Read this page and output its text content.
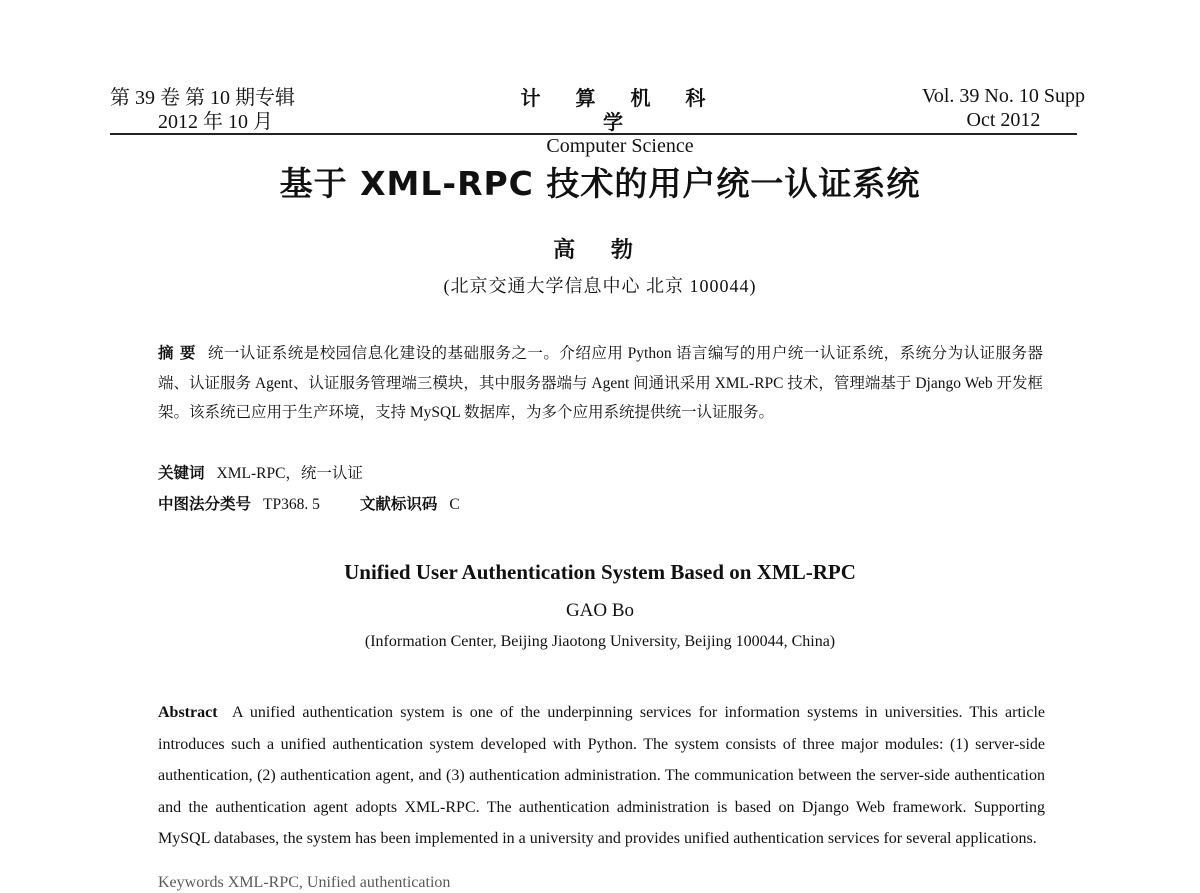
第 39 卷 第 10 期专辑
2012 年 10 月
计 算 机 科 学
Computer Science
Vol. 39 No. 10 Supp
Oct 2012
基于 XML-RPC 技术的用户统一认证系统
高 勃
(北京交通大学信息中心 北京 100044)
摘 要 统一认证系统是校园信息化建设的基础服务之一。介绍应用 Python 语言编写的用户统一认证系统，系统分为认证服务器端、认证服务 Agent、认证服务管理端三模块，其中服务器端与 Agent 间通讯采用 XML-RPC 技术，管理端基于 Django Web 开发框架。该系统已应用于生产环境，支持 MySQL 数据库，为多个应用系统提供统一认证服务。
关键词 XML-RPC，统一认证
中图法分类号 TP368. 5	文献标识码 C
Unified User Authentication System Based on XML-RPC
GAO Bo
(Information Center, Beijing Jiaotong University, Beijing 100044, China)
Abstract A unified authentication system is one of the underpinning services for information systems in universities. This article introduces such a unified authentication system developed with Python. The system consists of three major modules: (1) server-side authentication, (2) authentication agent, and (3) authentication administration. The communication between the server-side authentication and the authentication agent adopts XML-RPC. The authentication administration is based on Django Web framework. Supporting MySQL databases, the system has been implemented in a university and provides unified authentication services for several applications.
Keywords XML-RPC, Unified authentication
